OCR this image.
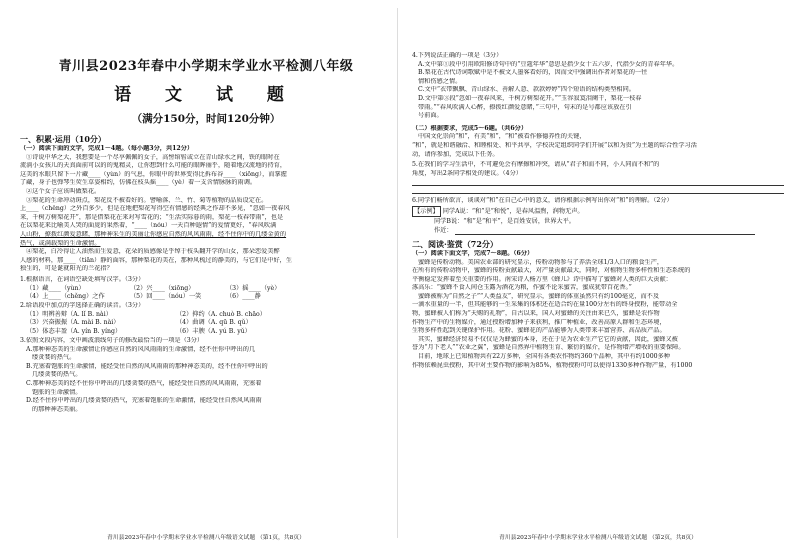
青川县2023年春中小学期末学业水平检测八年级
语 文 试 题
（满分150分，时间120分钟）
一、积累·运用（10分）
（一）阅读下面的文字，完成1－4题。（每小题3分，共12分）
①诗说中华之大，我想要是一个尽享佩佩的女子，高髻绾髫或立在青山绿水之间，铁的眼时在
流淌小女孩儿的天真面前可以的的鬼精灵，让你想到什么可能的眼眸丽乎，随着地汉流地的持育，
这美的水眼只留下一片藏____（yùn）的气息，你眼中的世界变得比拆布谷____（xiōng），而掌握
了藏，身子也弹琴生荧生草姿相约，仿佛在枝头摇____（yè）着一支含情脉脉的雨调。
②这个女子应该叫做梨花。
③梨花的生命冲动斑点，梨花反不被看好的。譬喻落、兰、竹、菊等植物的品质设定在。
上____（chěng）之外百多少，但是在地把梨花写得空有情感的经典之作却不多见，“忽如一夜春风
来，千树万树梨花开”，那是借梨花在来对写雪花的；“生活实际暮的雨，梨花一枝春带雨”，也是
在以梨花来比喻美人哭的面庞的果然着，“____（nóu）一天百种遐情”的爱情更好，“春风吹满
人山粉，撩拨红颜爱意睹，那种神采生的美丽让你感应自然的风风雨雨，经不住你中的几缕金黄的
热气，或满载梨的生命激情。
④梨花，白冷得让人油然而生爱意，花朵的质感像是乎绰于枝头翻开学的山女，那朵恋爱美醉
人感的材料，那____（tiān）静的面容，那种梨花的美在，那种风梳过的静美的，与它们是中好，生
独生的，可是诞就阳光的兰花指？
1.根据语言，在词语空缺处填写汉字。（3分）
（1）藏____（yùn）	（2）兴____（xiōng）	（3）摇____（yè）
（4）上____（chěng）之作	（5）回____（nóu）一笑	（6）____静
2.给语段中加点的字选择正确的读音。（3分）
（1）明辨善辩（A. lǐ B. nài）	（2）抑约（A. chuò B. chāo）
（3）兴奋振振（A. mài B. nài）	（4）曲调（A. qū B. qǔ）
（5）体态丰盈（A. yín B. yíng）	（6）丰腴（A. yú B. yǔ）
3.依照文段内容，文中画波浪线句子的修改最恰当的一项是（3分）
A.那种神态美的生命激情让你感应自然的风风雨雨的生命激情，经不住你中呼出的几
缕贪婪的热气。
B.充塞着饱胀的生命激情，能经受住自然的风风雨雨的那种神态美的，经不住你中呼出的
几缕贪婪的热气。
C.那种神态美的经不住你中呼出的几缕贪婪的热气，能经受住自然的风风雨雨，充塞着
饱胀的生命激情。
D.经不住你中呼出的几缕贪婪的热气，充塞着饱胀的生命激情，能经受住自然风风雨雨
的那种神态美丽。
青川县2023年春中小学期末学业水平检测八年级语文试题 （第1页，共8页）
4.下列说法正确的一项是（3分）
A.文中第①段中引用欧阳修诗句中的“豆蔻年华”意思是指少女十五六岁，代指少女的青春年华。
B.梨花在古代诗词歌赋中是不被文人墨客看好的，因而文中强调出作者对梨花的一往
情和伤感之情。
C.文中“衣带飘飘、青山绿水、善解人意、款款婷婷”四个短语的结构类型相同。
D.文中第③段“忽如一夜春风来，千树万树梨花开。”“玉容寂寞泪阑干，梨花一枝春
带雨。”“春风吹满人心醉，撩拨红颜爱意睹，”三句中，句末的是号都应该放在引
号前面。
（二）根据要求，完成5～6题。（共6分）
中国文化崇尚“和”，有美“和”，“和”被看作修德养性的关键，
“和”，就是和谐融洽、和睦相处、和平共享，学校决定组织同学们开展“以和为贵”为主题的综合性学习活
动，请你参加，完成以下任务。
5.在我们的学习生活中，不可避免会有摩擦和冲突，请从“君子和而不同，小人同而不和”的
角度，写出2条同学相处的建议。（4分）
6.同学们畅所欲言，谈谈对“和”在自己心中的意义，请你根据示例写出你对“和”的理解。（2分）
【示例】 同学A说：“和”是“和悦”，是春风温煦，润物无声。
同学B说：“和”是“和平”，是百姓安居，世界大平。
作近：
二、阅读·鉴赏（72分）
（一）阅读下面文字，完成7～8题。（6分）
蜜蜂是传粉动物。美国农业部的研究显示，传粉动物参与了养活全球1/3人口的粮食生产，
在所有的传粉动物中，蜜蜂的传粉贡献最大，对产量贡献最大，同时，对植物生物多样性和生态系统的
平衡稳定发挥着至关重要的作用。南宋诗人杨万里《蜂儿》诗中描写了蜜蜂对人类的巨大贡献：
涿高乐：“蜜蜂不食人间仓玉露为酒花为粮，作蜜不论采蜜苦，蜜成犹带百花香。”
蜜蜂被称为“自然之子”“人类益友”，研究显示，蜜蜂的体重虽然只有约100毫克，而不及
一滴水重量的一半，但其能够的一生采集的体积还在适合约在量100分左右的终身授粉，能带动全
物，蜜蜂被人们称为“天赐的礼物”，自古以来，国人对蜜蜂的关注由来已久，蜜蜂是农作物
作物生产中的生物媒介，通过授粉增加种子来获利，推广种植业，改善高原人群和生态环境，
生物多样性起到关键保护作用。花粉、蜜蜂花的产品能够为人类带来丰富营养、高品质产品。
其实，蜜蜂经济贸易不仅仅是为蜂蜜的本身，还在于是为农业生产它它的贡献，因此，蜜蜂又被
誉为“月下老人”“农业之翼”，蜜蜂是自然界中植物生育、繁衍的媒介，是作物增产增收的重要保障。
目前，地球上已知植物共有22万多种，全国有各类农作物约360个品种，其中有约1000多种
作物依赖昆虫授粉，其中对主要作物的影响为85%，植物授粉可可以使得1330多种作物产量，有1000
青川县2023年春中小学期末学业水平检测八年级语文试题 （第2页，共8页）
